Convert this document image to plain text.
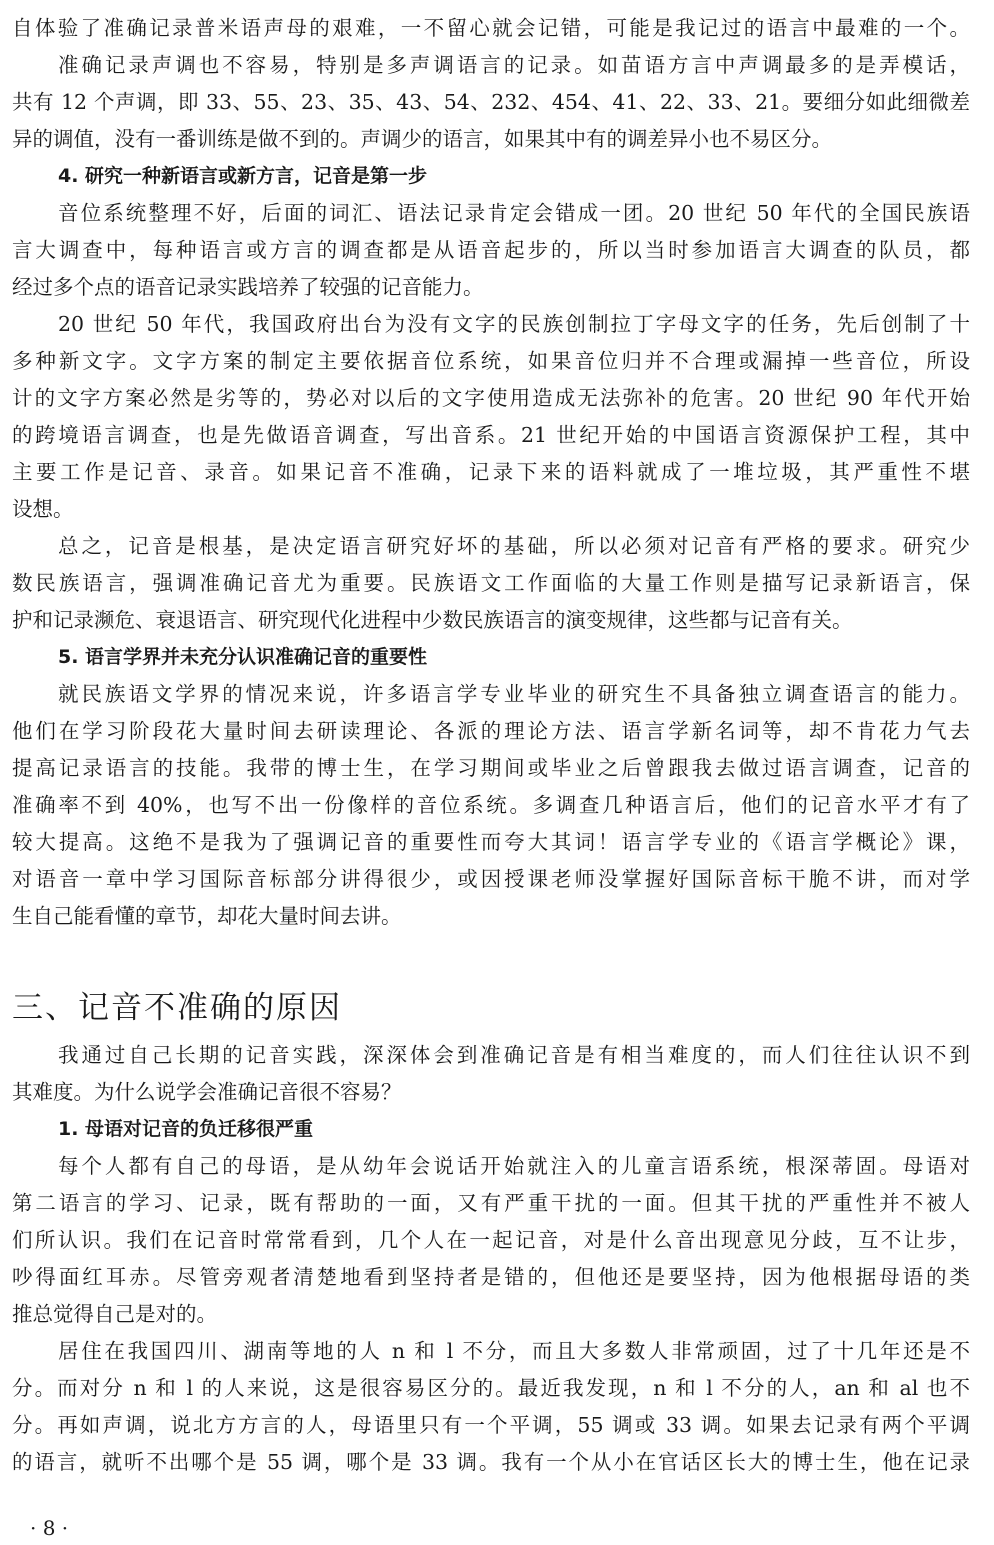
自体验了准确记录普米语声母的艰难，一不留心就会记错，可能是我记过的语言中最难的一个。
准确记录声调也不容易，特别是多声调语言的记录。如苗语方言中声调最多的是弄模话，
共有 12 个声调，即 33、55、23、35、43、54、232、454、41、22、33、21。要细分如此细微差
异的调值，没有一番训练是做不到的。声调少的语言，如果其中有的调差异小也不易区分。
4. 研究一种新语言或新方言，记音是第一步
音位系统整理不好，后面的词汇、语法记录肯定会错成一团。20 世纪 50 年代的全国民族语
言大调查中，每种语言或方言的调查都是从语音起步的，所以当时参加语言大调查的队员，都
经过多个点的语音记录实践培养了较强的记音能力。
20 世纪 50 年代，我国政府出台为没有文字的民族创制拉丁字母文字的任务，先后创制了十
多种新文字。文字方案的制定主要依据音位系统，如果音位归并不合理或漏掉一些音位，所设
计的文字方案必然是劣等的，势必对以后的文字使用造成无法弥补的危害。20 世纪 90 年代开始
的跨境语言调查，也是先做语音调查，写出音系。21 世纪开始的中国语言资源保护工程，其中
主要工作是记音、录音。如果记音不准确，记录下来的语料就成了一堆垃圾，其严重性不堪
设想。
总之，记音是根基，是决定语言研究好坏的基础，所以必须对记音有严格的要求。研究少
数民族语言，强调准确记音尤为重要。民族语文工作面临的大量工作则是描写记录新语言，保
护和记录濒危、衰退语言、研究现代化进程中少数民族语言的演变规律，这些都与记音有关。
5. 语言学界并未充分认识准确记音的重要性
就民族语文学界的情况来说，许多语言学专业毕业的研究生不具备独立调查语言的能力。
他们在学习阶段花大量时间去研读理论、各派的理论方法、语言学新名词等，却不肯花力气去
提高记录语言的技能。我带的博士生，在学习期间或毕业之后曾跟我去做过语言调查，记音的
准确率不到 40%，也写不出一份像样的音位系统。多调查几种语言后，他们的记音水平才有了
较大提高。这绝不是我为了强调记音的重要性而夸大其词！语言学专业的《语言学概论》课，
对语音一章中学习国际音标部分讲得很少，或因授课老师没掌握好国际音标干脆不讲，而对学
生自己能看懂的章节，却花大量时间去讲。
三、记音不准确的原因
我通过自己长期的记音实践，深深体会到准确记音是有相当难度的，而人们往往认识不到
其难度。为什么说学会准确记音很不容易？
1. 母语对记音的负迁移很严重
每个人都有自己的母语，是从幼年会说话开始就注入的儿童言语系统，根深蒂固。母语对
第二语言的学习、记录，既有帮助的一面，又有严重干扰的一面。但其干扰的严重性并不被人
们所认识。我们在记音时常常看到，几个人在一起记音，对是什么音出现意见分歧，互不让步，
吵得面红耳赤。尽管旁观者清楚地看到坚持者是错的，但他还是要坚持，因为他根据母语的类
推总觉得自己是对的。
居住在我国四川、湖南等地的人 n 和 l 不分，而且大多数人非常顽固，过了十几年还是不
分。而对分 n 和 l 的人来说，这是很容易区分的。最近我发现，n 和 l 不分的人，an 和 al 也不
分。再如声调，说北方方言的人，母语里只有一个平调，55 调或 33 调。如果去记录有两个平调
的语言，就听不出哪个是 55 调，哪个是 33 调。我有一个从小在官话区长大的博士生，他在记录
· 8 ·
